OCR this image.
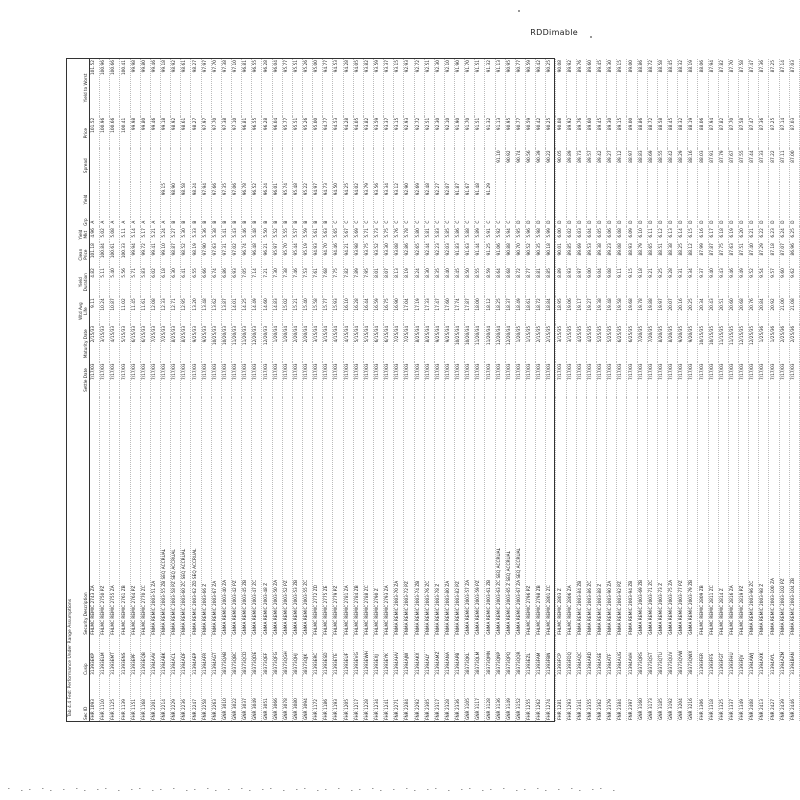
RDDimable
Tab 4.4 Fed: Performance Under Range Assumptions Sec ID	Cusip	Security Description	Settle Date	Maturity Date	Wtd Avg Life	Yield Duration	Clean Price	Yield Mkt	Grp	Yield	Spread	Price	Yield to Worst
FHR 1093	31393EKP	FHLMC REMIC 2743 ZA	7/17/03	2/15/33	9.11	4.82	101.18	4.96	A			101.52	101.52
FHR 1110	31393ELM	FHLMC REMIC 2750 PZ	7/17/03	3/15/33	10.24	5.11	100.84	5.02	A			100.96	100.96
FHR 1125	31393EMT	FHLMC REMIC 2755 ZA	7/17/03	4/15/33	10.87	5.40	100.61	5.08	A			100.66	100.66
FHR 1139	31393ENS	FHLMC REMIC 2761 ZB	7/17/03	5/15/33	11.02	5.56	100.33	5.11	A			100.41	100.41
FHR 1151	31393EPF	FHLMC REMIC 2764 PZ	7/17/03	6/15/33	11.45	5.71	99.94	5.14	A			99.98	99.98
FHR 1168	31393EQB	FHLMC REMIC 2770 ZC	7/17/03	6/15/33	11.61	5.83	99.72	5.17	A			99.80	99.80
FNR 2201	31394AAV	FNMA REMIC 2003-51 ZA	7/17/03	7/25/33	12.08	6.02	99.41	5.21	A			99.46	99.46
FNR 2214	31394ABK	FNMA REMIC 2003-55 ZB SEQ ACCRUAL	7/17/03	7/25/33	12.33	6.18	99.10	5.24	A	99.15		99.18	99.18
FNR 2229	31394ACL	FNMA REMIC 2003-58 PZ SEQ ACCRUAL	7/17/03	8/25/33	12.71	6.30	98.87	5.27	B	98.90		98.92	98.92
FNR 2236	31394ADF	FNMA REMIC 2003-60 ZC SEQ ACCRUAL	7/17/03	8/25/33	12.95	6.41	98.52	5.30	B	98.58		98.61	98.61
FNR 2247	31394AEP	FNMA REMIC 2003-62 ZD SEQ ACCRUAL	7/17/03	9/25/33	13.20	6.55	98.19	5.33	B	98.24		98.27	98.27
FNR 2258	31394AFR	FNMA REMIC 2003-66 Z	7/17/03	9/25/33	13.48	6.66	97.90	5.36	B	97.94		97.97	97.97
FNR 2263	31394AGT	FNMA REMIC 2003-67 ZA	7/17/03	10/25/33	13.62	6.74	97.63	5.38	B	97.66		97.70	97.70
GNR 3010	38373QAB	GNMA REMIC 2003-40 ZA	7/17/03	10/20/33	13.87	6.86	97.31	5.41	B	97.35		97.38	97.38
GNR 3022	38373QBC	GNMA REMIC 2003-42 PZ	7/17/03	11/20/33	14.01	6.93	97.02	5.43	B	97.06		97.10	97.10
GNR 3037	38373QCD	GNMA REMIC 2003-45 ZB	7/17/03	11/20/33	14.25	7.05	96.74	5.46	B	96.78		96.81	96.81
GNR 3049	38373QDE	GNMA REMIC 2003-47 ZC	7/17/03	12/20/33	14.49	7.14	96.48	5.48	B	96.52		96.55	96.55
GNR 3051	38373QEF	GNMA REMIC 2003-48 Z	7/17/03	12/20/33	14.60	7.21	96.21	5.50	B	96.24		96.28	96.28
GNR 3066	38373QFG	GNMA REMIC 2003-50 ZA	7/17/03	1/20/34	14.83	7.30	95.97	5.52	B	96.01		96.04	96.04
GNR 3078	38373QGH	GNMA REMIC 2003-52 PZ	7/17/03	1/20/34	15.02	7.38	95.70	5.55	B	95.74		95.77	95.77
GNR 3080	38373QHJ	GNMA REMIC 2003-53 ZB	7/17/03	2/20/34	15.21	7.46	95.44	5.57	B	95.48		95.51	95.51
GNR 3094	38373QJK	GNMA REMIC 2003-55 ZC	7/17/03	2/20/34	15.40	7.53	95.19	5.59	B	95.22		95.26	95.26
FHR 1172	31393ERC	FHLMC REMIC 2772 ZD	7/17/03	3/15/34	15.58	7.61	94.93	5.61	B	94.97		95.00	95.00
FHR 1186	31393ESD	FHLMC REMIC 2775 ZE	7/17/03	3/15/34	15.77	7.68	94.70	5.63	B	94.73		94.77	94.77
FHR 1193	31393ETE	FHLMC REMIC 2779 PZ	7/17/03	4/15/34	15.93	7.75	94.46	5.65	C	94.50		94.53	94.53
FHR 1205	31393EUF	FHLMC REMIC 2781 ZA	7/17/03	4/15/34	16.10	7.82	94.21	5.67	C	94.25		94.28	94.28
FHR 1217	31393EVG	FHLMC REMIC 2784 ZB	7/17/03	5/15/34	16.28	7.89	93.98	5.69	C	94.02		94.05	94.05
FHR 1228	31393EWH	FHLMC REMIC 2788 ZC	7/17/03	5/15/34	16.44	7.95	93.75	5.71	C	93.79		93.82	93.82
FHR 1234	31393EXJ	FHLMC REMIC 2790 Z	7/17/03	6/15/34	16.59	8.01	93.52	5.73	C	93.56		93.59	93.59
FHR 1241	31393EYK	FHLMC REMIC 2793 ZA	7/17/03	6/15/34	16.75	8.07	93.30	5.75	C	93.34		93.37	93.37
FNR 2271	31394AHV	FNMA REMIC 2003-70 ZA	7/17/03	7/25/34	16.90	8.13	93.08	5.76	C	93.12		93.15	93.15
FNR 2284	31394AJW	FNMA REMIC 2003-72 PZ	7/17/03	7/25/34	17.04	8.19	92.86	5.78	C	92.90		92.93	92.93
FNR 2292	31394AKX	FNMA REMIC 2003-74 ZB	7/17/03	8/25/34	17.19	8.24	92.65	5.80	C	92.69		92.72	92.72
FNR 2305	31394ALY	FNMA REMIC 2003-76 ZC	7/17/03	8/25/34	17.33	8.30	92.44	5.81	C	92.48		92.51	92.51
FNR 2317	31394AMZ	FNMA REMIC 2003-78 Z	7/17/03	9/25/34	17.47	8.35	92.23	5.83	C	92.27		92.30	92.30
FNR 2328	31394ANA	FNMA REMIC 2003-80 ZA	7/17/03	9/25/34	17.60	8.40	92.03	5.85	C	92.07		92.10	92.10
FNR 2336	31394APB	FNMA REMIC 2003-82 PZ	7/17/03	10/25/34	17.74	8.45	91.83	5.86	C	91.87		91.90	91.90
GNR 3105	38373QKL	GNMA REMIC 2003-57 ZA	7/17/03	10/20/34	17.87	8.50	91.63	5.88	C	91.67		91.70	91.70
GNR 3117	38373QLM	GNMA REMIC 2003-59 PZ	7/17/03	11/20/34	18.00	8.55	91.44	5.89	C	91.48		91.51	91.51
GNR 3128	38373QMN	GNMA REMIC 2003-61 ZB	7/17/03	11/20/34	18.12	8.59	91.25	5.91	C	91.29		91.32	91.32
GNR 3136	38373QNP	GNMA REMIC 2003-63 ZC SEQ ACCRUAL	7/17/03	12/20/34	18.25	8.64	91.06	5.92	C		91.10	91.13	91.13
GNR 3149	38373QPQ	GNMA REMIC 2003-65 Z SEQ ACCRUAL	7/17/03	12/20/34	18.37	8.68	90.88	5.94	C		90.92	90.95	90.95
GNR 3152	38373QQR	GNMA REMIC 2003-67 ZA SEQ ACCRUAL	7/17/03	1/20/35	18.49	8.72	90.70	5.95	D		90.74	90.77	90.77
FHR 1255	31393EZL	FHLMC REMIC 2796 PZ	7/17/03	1/15/35	18.61	8.77	90.52	5.96	D		90.56	90.59	90.59
FHR 1262	31393FAM	FHLMC REMIC 2798 ZB	7/17/03	2/15/35	18.72	8.81	90.35	5.98	D		90.39	90.42	90.42
FHR 1274	31393FBN	FHLMC REMIC 2801 ZC	7/17/03	2/15/35	18.84	8.85	90.18	5.99	D		90.22	90.25	90.25
FHR 1281	31393FCP	FHLMC REMIC 2803 Z	7/17/03	3/15/35	18.95	8.89	90.01	6.00	D		90.05	90.08	90.08
FHR 1293	31393FDQ	FHLMC REMIC 2806 ZA	7/17/03	3/15/35	19.06	8.93	89.85	6.02	D		89.89	89.92	89.92
FNR 2341	31394AQC	FNMA REMIC 2003-84 ZB	7/17/03	4/25/35	19.17	8.97	89.69	6.03	D		89.73	89.76	89.76
FNR 2355	31394ARD	FNMA REMIC 2003-86 ZC	7/17/03	4/25/35	19.27	9.00	89.53	6.04	D		89.57	89.60	89.60
FNR 2362	31394ASE	FNMA REMIC 2003-88 Z	7/17/03	5/25/35	19.38	9.04	89.38	6.05	D		89.42	89.45	89.45
FNR 2379	31394ATF	FNMA REMIC 2003-90 ZA	7/17/03	5/25/35	19.48	9.08	89.23	6.06	D		89.27	89.30	89.30
FNR 2384	31394AUG	FNMA REMIC 2003-92 PZ	7/17/03	6/25/35	19.58	9.11	89.08	6.08	D		89.12	89.15	89.15
FNR 2397	31394AVH	FNMA REMIC 2003-94 ZB	7/17/03	6/25/35	19.68	9.15	88.93	6.09	D		88.97	89.00	89.00
GNR 3160	38373QRS	GNMA REMIC 2003-69 ZB	7/17/03	7/20/35	19.78	9.18	88.79	6.10	D		88.83	88.86	88.86
GNR 3173	38373QST	GNMA REMIC 2003-71 ZC	7/17/03	7/20/35	19.88	9.21	88.65	6.11	D		88.69	88.72	88.72
GNR 3185	38373QTU	GNMA REMIC 2003-73 Z	7/17/03	8/20/35	19.97	9.25	88.51	6.12	D		88.55	88.58	88.58
GNR 3192	38373QUV	GNMA REMIC 2003-75 ZA	7/17/03	8/20/35	20.07	9.28	88.38	6.13	D		88.42	88.45	88.45
GNR 3204	38373QVW	GNMA REMIC 2003-77 PZ	7/17/03	9/20/35	20.16	9.31	88.25	6.14	D		88.29	88.32	88.32
GNR 3216	38373QWX	GNMA REMIC 2003-79 ZB	7/17/03	9/20/35	20.25	9.34	88.12	6.15	D		88.16	88.19	88.19
FHR 1306	31393FER	FHLMC REMIC 2809 ZB	7/17/03	10/15/35	20.34	9.37	87.99	6.16	D		88.03	88.06	88.06
FHR 1318	31393FFS	FHLMC REMIC 2811 ZC	7/17/03	10/15/35	20.43	9.40	87.87	6.17	D		87.91	87.94	87.94
FHR 1325	31393FGT	FHLMC REMIC 2814 Z	7/17/03	11/15/35	20.51	9.43	87.75	6.18	D		87.79	87.82	87.82
FHR 1337	31393FHU	FHLMC REMIC 2816 ZA	7/17/03	11/15/35	20.60	9.46	87.63	6.19	D		87.67	87.70	87.70
FHR 1349	31393FJV	FHLMC REMIC 2819 PZ	7/17/03	12/15/35	20.68	9.49	87.51	6.20	D		87.55	87.58	87.58
FNR 2408	31394AWJ	FNMA REMIC 2003-96 ZC	7/17/03	12/25/35	20.76	9.52	87.40	6.21	D		87.44	87.47	87.47
FNR 2413	31394AXK	FNMA REMIC 2003-98 Z	7/17/03	1/25/36	20.84	9.54	87.29	6.22	D		87.33	87.36	87.36
FNR 2427	31394AYL	FNMA REMIC 2003-100 ZA	7/17/03	1/25/36	20.92	9.57	87.18	6.23	D		87.22	87.25	87.25
FNR 2439	31394AZM	FNMA REMIC 2003-102 PZ	7/17/03	2/25/36	21.00	9.60	87.07	6.24	D		87.11	87.14	87.14
FNR 2446	31394BAN	FNMA REMIC 2003-104 ZB	7/17/03	2/25/36	21.08	9.62	86.96	6.25	D		87.00	87.03	87.03
